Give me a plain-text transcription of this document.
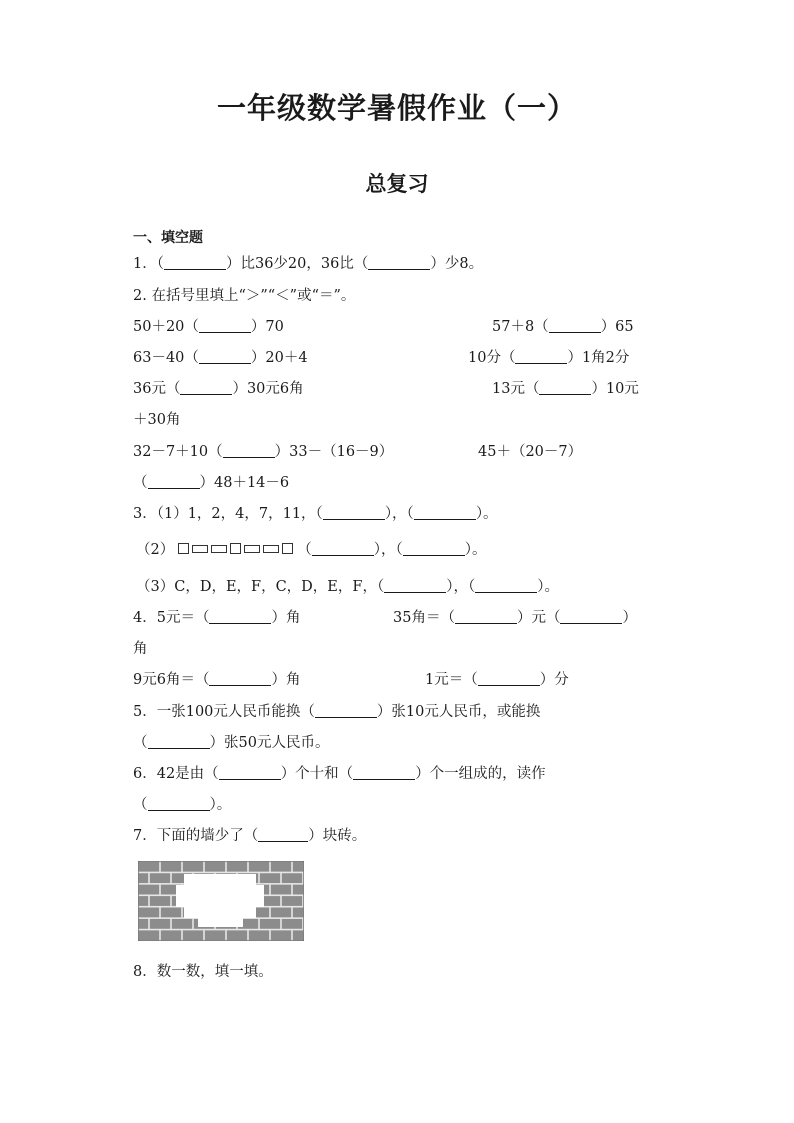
一年级数学暑假作业（一）
总复习
一、填空题
1．（	）比36少20，36比（	）少8。
2. 在括号里填上“＞”“＜”或“＝”。
50＋20（	）70	57＋8（	）65
63－40（	）20＋4	10分（	）1角2分
36元（	）30元6角	13元（	）10元
＋30角
32－7＋10（	）33－（16－9）	45＋（20－7）
（	）48＋14－6
3．（1）1，2，4，7，11，（	），（	）。
（2）	（	），（	）。
（3）C，D，E，F，C，D，E，F，（	），（	）。
4．5元＝（	）角	35角＝（	）元（	）
角
9元6角＝（	）角	1元＝（	）分
5．一张100元人民币能换（	）张10元人民币，或能换
（	）张50元人民币。
6．42是由（	）个十和（	）个一组成的，读作
（	）。
7．下面的墙少了（	）块砖。
8．数一数，填一填。
